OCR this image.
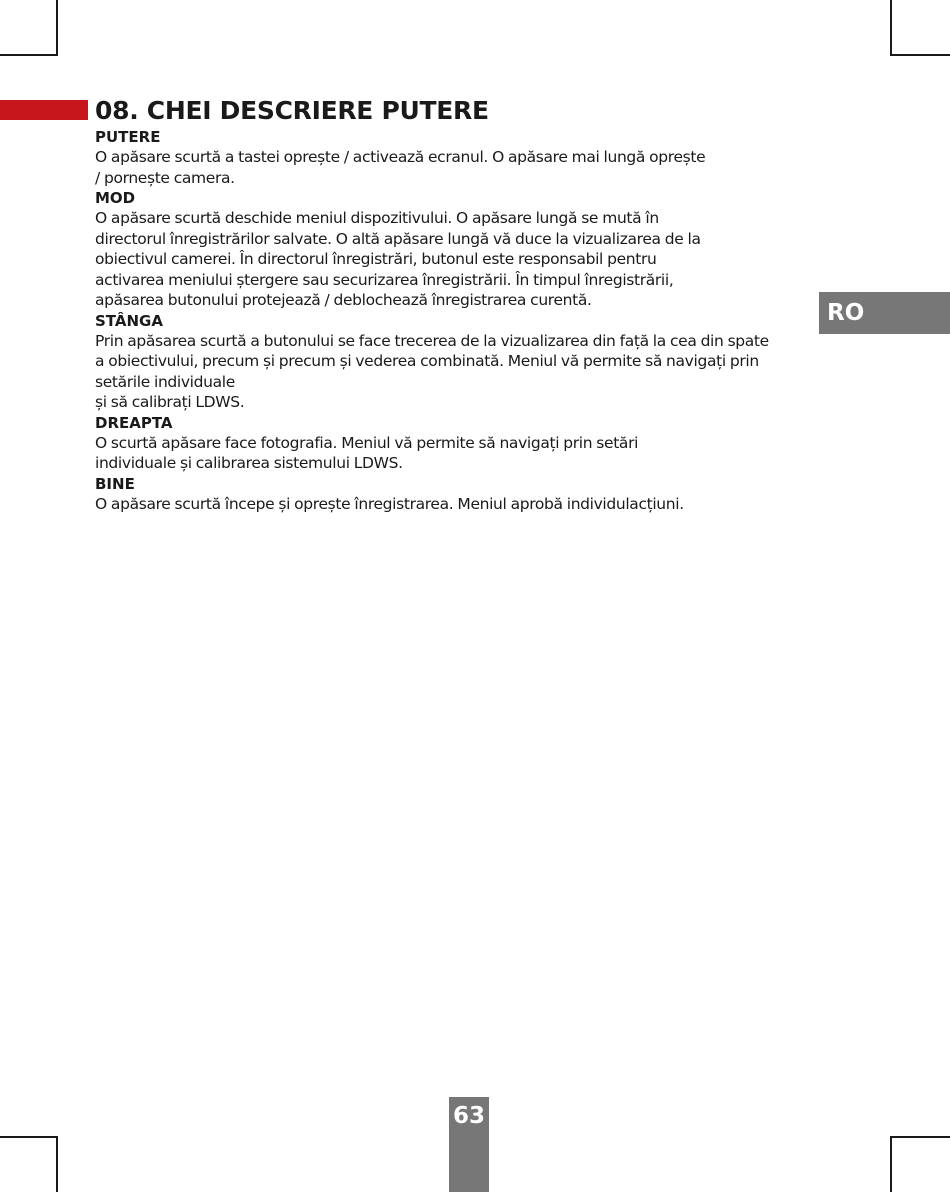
08. CHEI DESCRIERE PUTERE
PUTERE

O apăsare scurtă a tastei oprește / activează ecranul. O apăsare mai lungă oprește
/ pornește camera.

MOD

O apăsare scurtă deschide meniul dispozitivului. O apăsare lungă se mută în
directorul înregistrărilor salvate. O altă apăsare lungă vă duce la vizualizarea de la
obiectivul camerei. În directorul înregistrări, butonul este responsabil pentru
activarea meniului ștergere sau securizarea înregistrării. În timpul înregistrării,
apăsarea butonului protejează / deblochează înregistrarea curentă.

STÂNGA

Prin apăsarea scurtă a butonului se face trecerea de la vizualizarea din față la cea din spate
a obiectivului, precum și precum și vederea combinată. Meniul vă permite să navigați prin
setările individuale
și să calibrați LDWS.

DREAPTA

O scurtă apăsare face fotografia. Meniul vă permite să navigați prin setări
individuale și calibrarea sistemului LDWS.

BINE

O apăsare scurtă începe și oprește înregistrarea. Meniul aprobă individulacțiuni.

RO
63
